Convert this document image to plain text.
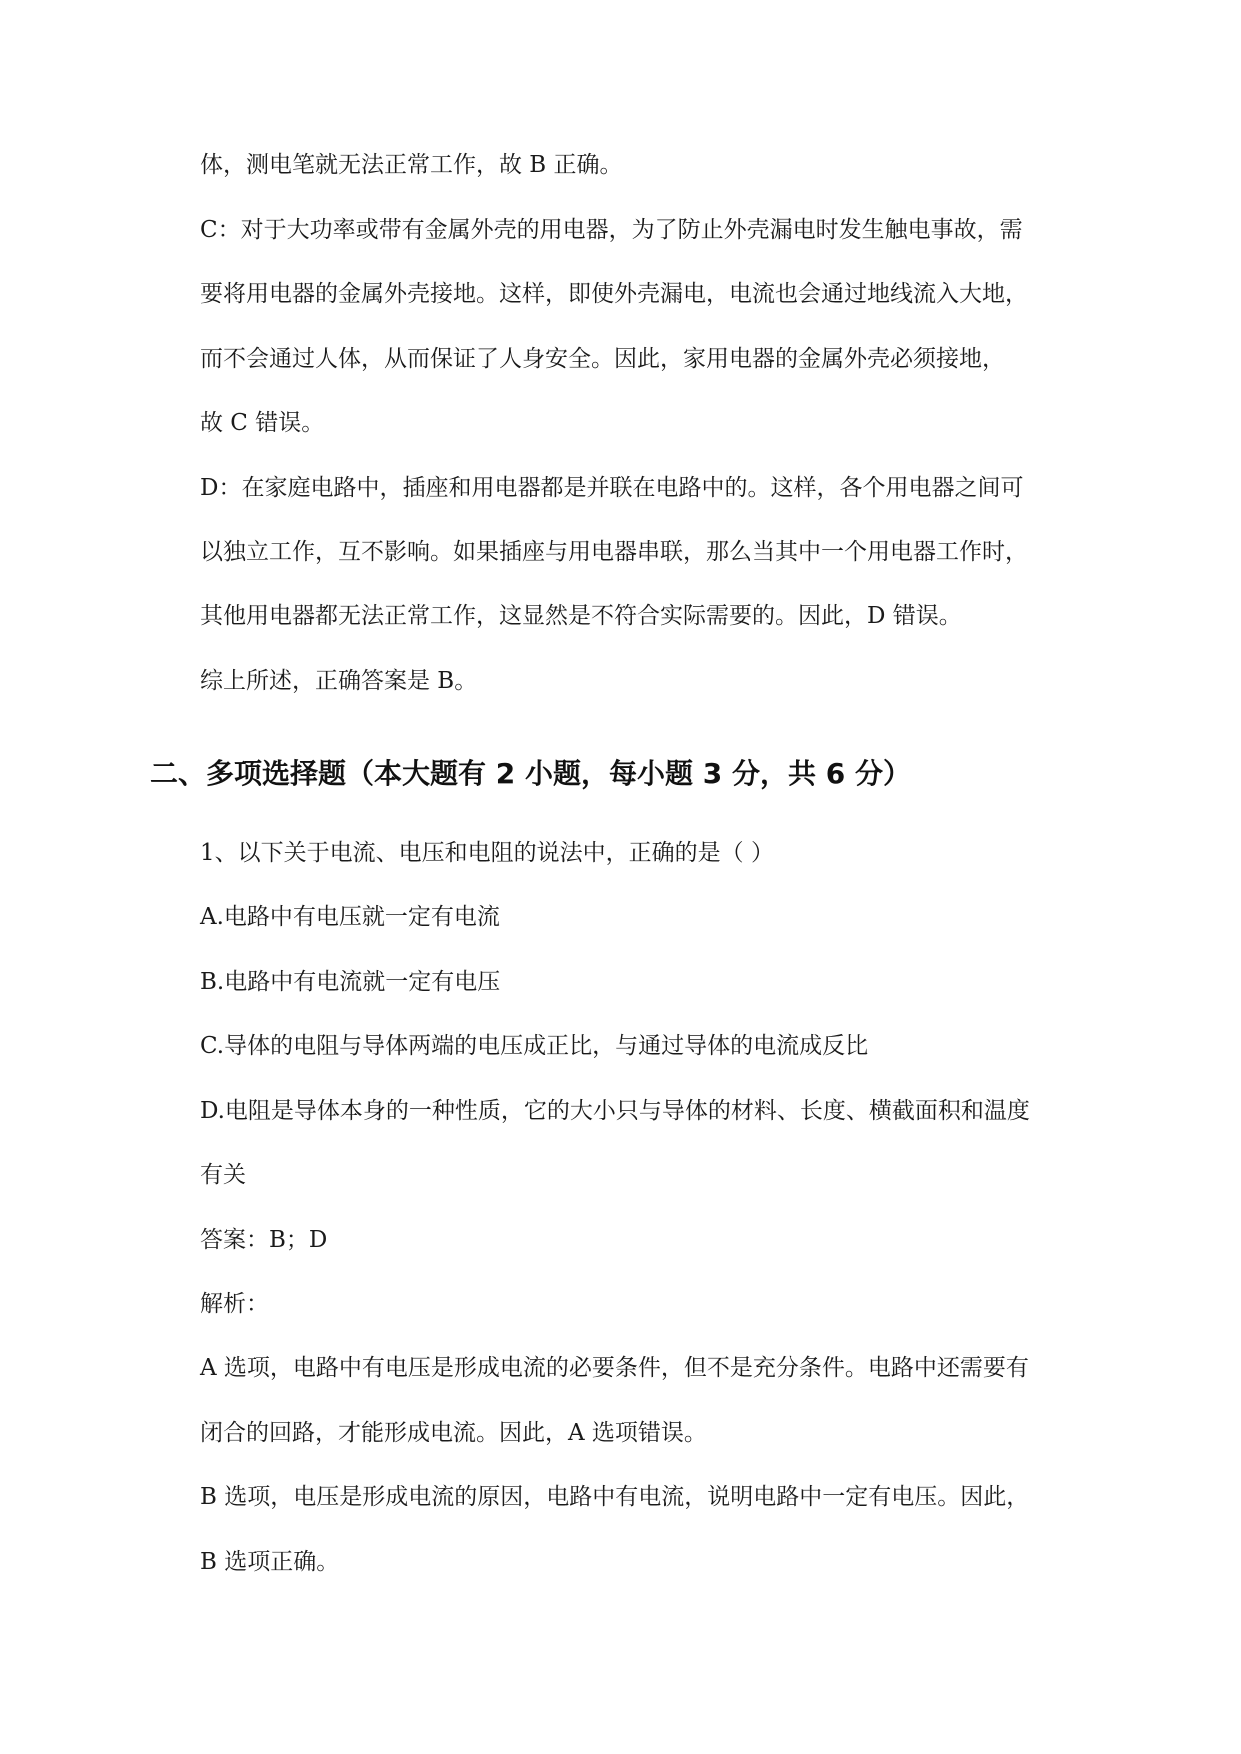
体，测电笔就无法正常工作，故 B 正确。
C：对于大功率或带有金属外壳的用电器，为了防止外壳漏电时发生触电事故，需
要将用电器的金属外壳接地。这样，即使外壳漏电，电流也会通过地线流入大地，
而不会通过人体，从而保证了人身安全。因此，家用电器的金属外壳必须接地，
故 C 错误。
D：在家庭电路中，插座和用电器都是并联在电路中的。这样，各个用电器之间可
以独立工作，互不影响。如果插座与用电器串联，那么当其中一个用电器工作时，
其他用电器都无法正常工作，这显然是不符合实际需要的。因此，D 错误。
综上所述，正确答案是 B。
二、多项选择题（本大题有 2 小题，每小题 3 分，共 6 分）
1、以下关于电流、电压和电阻的说法中，正确的是（ ）
A.电路中有电压就一定有电流
B.电路中有电流就一定有电压
C.导体的电阻与导体两端的电压成正比，与通过导体的电流成反比
D.电阻是导体本身的一种性质，它的大小只与导体的材料、长度、横截面积和温度
有关
答案：B；D
解析：
A 选项，电路中有电压是形成电流的必要条件，但不是充分条件。电路中还需要有
闭合的回路，才能形成电流。因此，A 选项错误。
B 选项，电压是形成电流的原因，电路中有电流，说明电路中一定有电压。因此，
B 选项正确。
